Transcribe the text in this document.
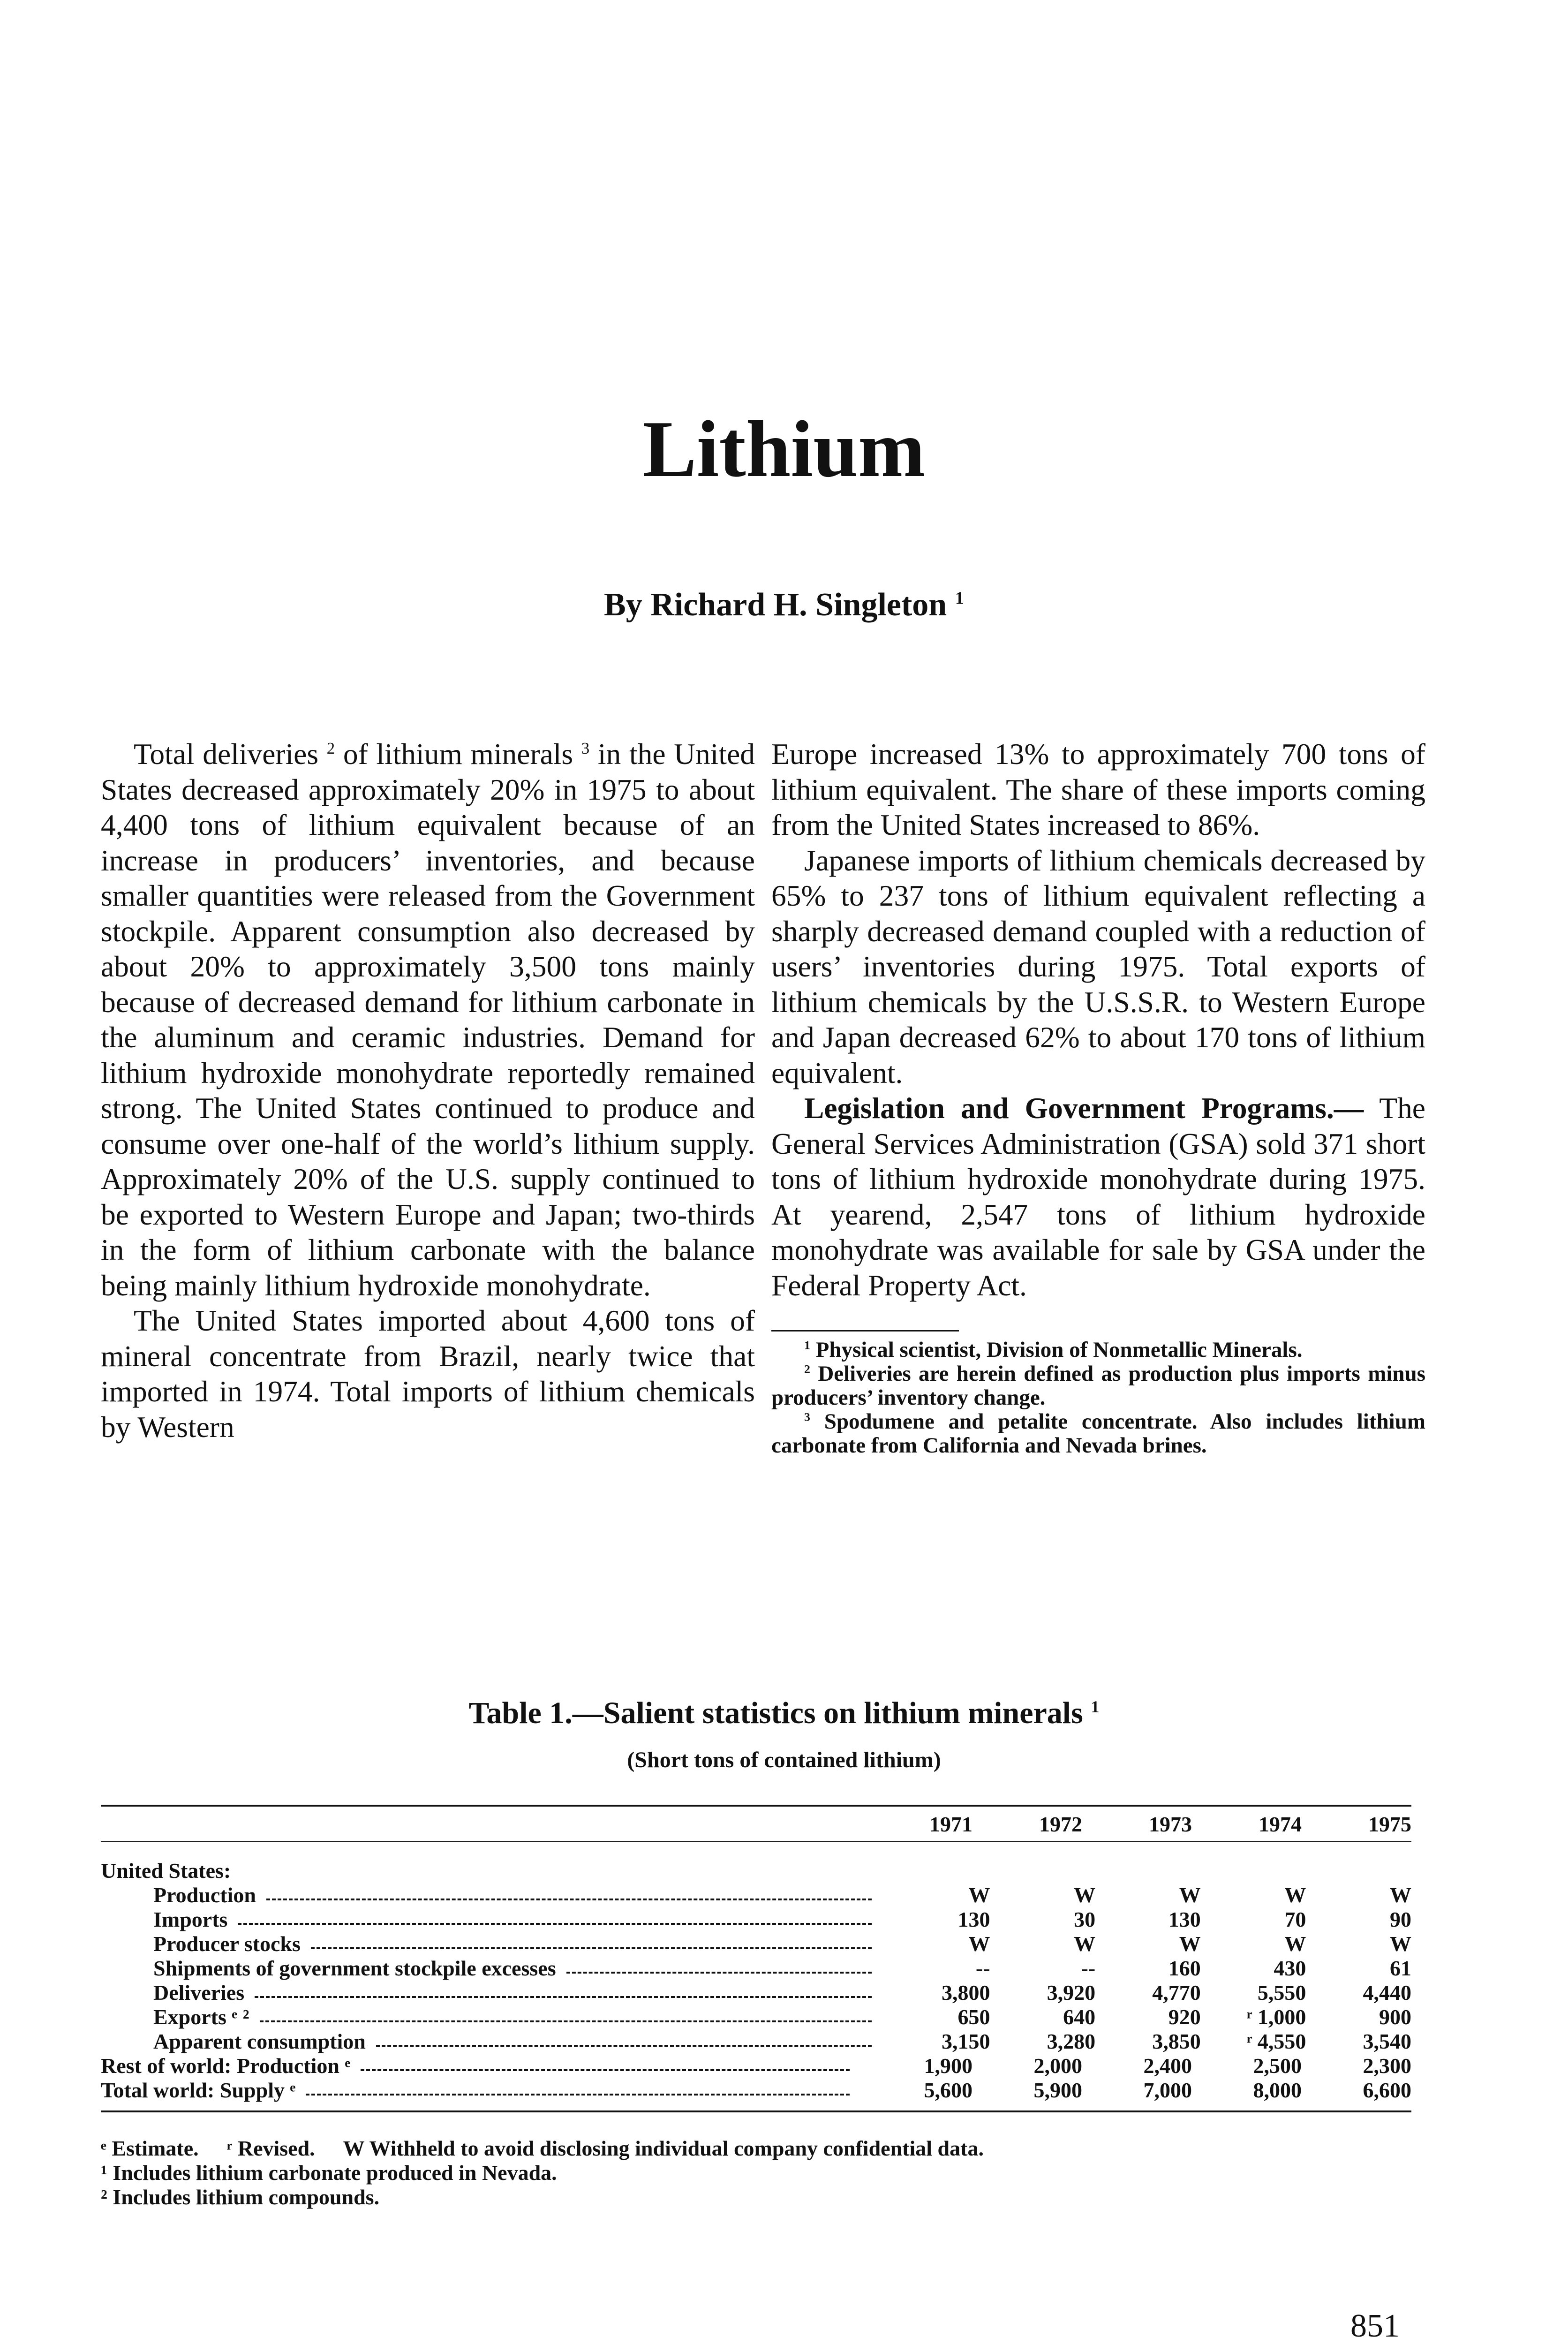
Lithium
By Richard H. Singleton $^1$

Total deliveries $^2$ of lithium minerals $^3$ in the United States decreased approximately 20% in 1975 to about 4,400 tons of lithium equivalent because of an increase in producers’ inventories, and because smaller quantities were released from the Government stockpile. Apparent consumption also decreased by about 20% to approximately 3,500 tons mainly because of decreased demand for lithium carbonate in the aluminum and ceramic industries. Demand for lithium hydroxide monohydrate reportedly remained strong. The United States continued to produce and consume over one-half of the world’s lithium supply. Approximately 20% of the U.S. supply continued to be exported to Western Europe and Japan; two-thirds in the form of lithium carbonate with the balance being mainly lithium hydroxide monohydrate.

The United States imported about 4,600 tons of mineral concentrate from Brazil, nearly twice that imported in 1974. Total imports of lithium chemicals by Western

Europe increased 13% to approximately 700 tons of lithium equivalent. The share of these imports coming from the United States increased to 86%.

Japanese imports of lithium chemicals decreased by 65% to 237 tons of lithium equivalent reflecting a sharply decreased demand coupled with a reduction of users’ inventories during 1975. Total exports of lithium chemicals by the U.S.S.R. to Western Europe and Japan decreased 62% to about 170 tons of lithium equivalent.

Legislation and Government Programs.— The General Services Administration (GSA) sold 371 short tons of lithium hydroxide monohydrate during 1975. At yearend, 2,547 tons of lithium hydroxide monohydrate was available for sale by GSA under the Federal Property Act.

$^1$ Physical scientist, Division of Nonmetallic Minerals.

$^2$ Deliveries are herein defined as production plus imports minus producers’ inventory change.

$^3$ Spodumene and petalite concentrate. Also includes lithium carbonate from California and Nevada brines.

Table 1.—Salient statistics on lithium minerals $^1$
(Short tons of contained lithium)
1971	1972	1973	1974	1975
United States:
Production	W	W	W	W	W
Imports	130	30	130	70	90
Producer stocks	W	W	W	W	W
Shipments of government stockpile excesses	--	--	160	430	61
Deliveries	3,800	3,920	4,770	5,550	4,440
Exports ᵉ ²	650	640	920	ʳ 1,000	900
Apparent consumption	3,150	3,280	3,850	ʳ 4,550	3,540
Rest of world: Production ᵉ	1,900	2,000	2,400	2,500	2,300
Total world: Supply ᵉ	5,600	5,900	7,000	8,000	6,600
ᵉ Estimate. ʳ Revised. W Withheld to avoid disclosing individual company confidential data.
¹ Includes lithium carbonate produced in Nevada.
² Includes lithium compounds.
851
